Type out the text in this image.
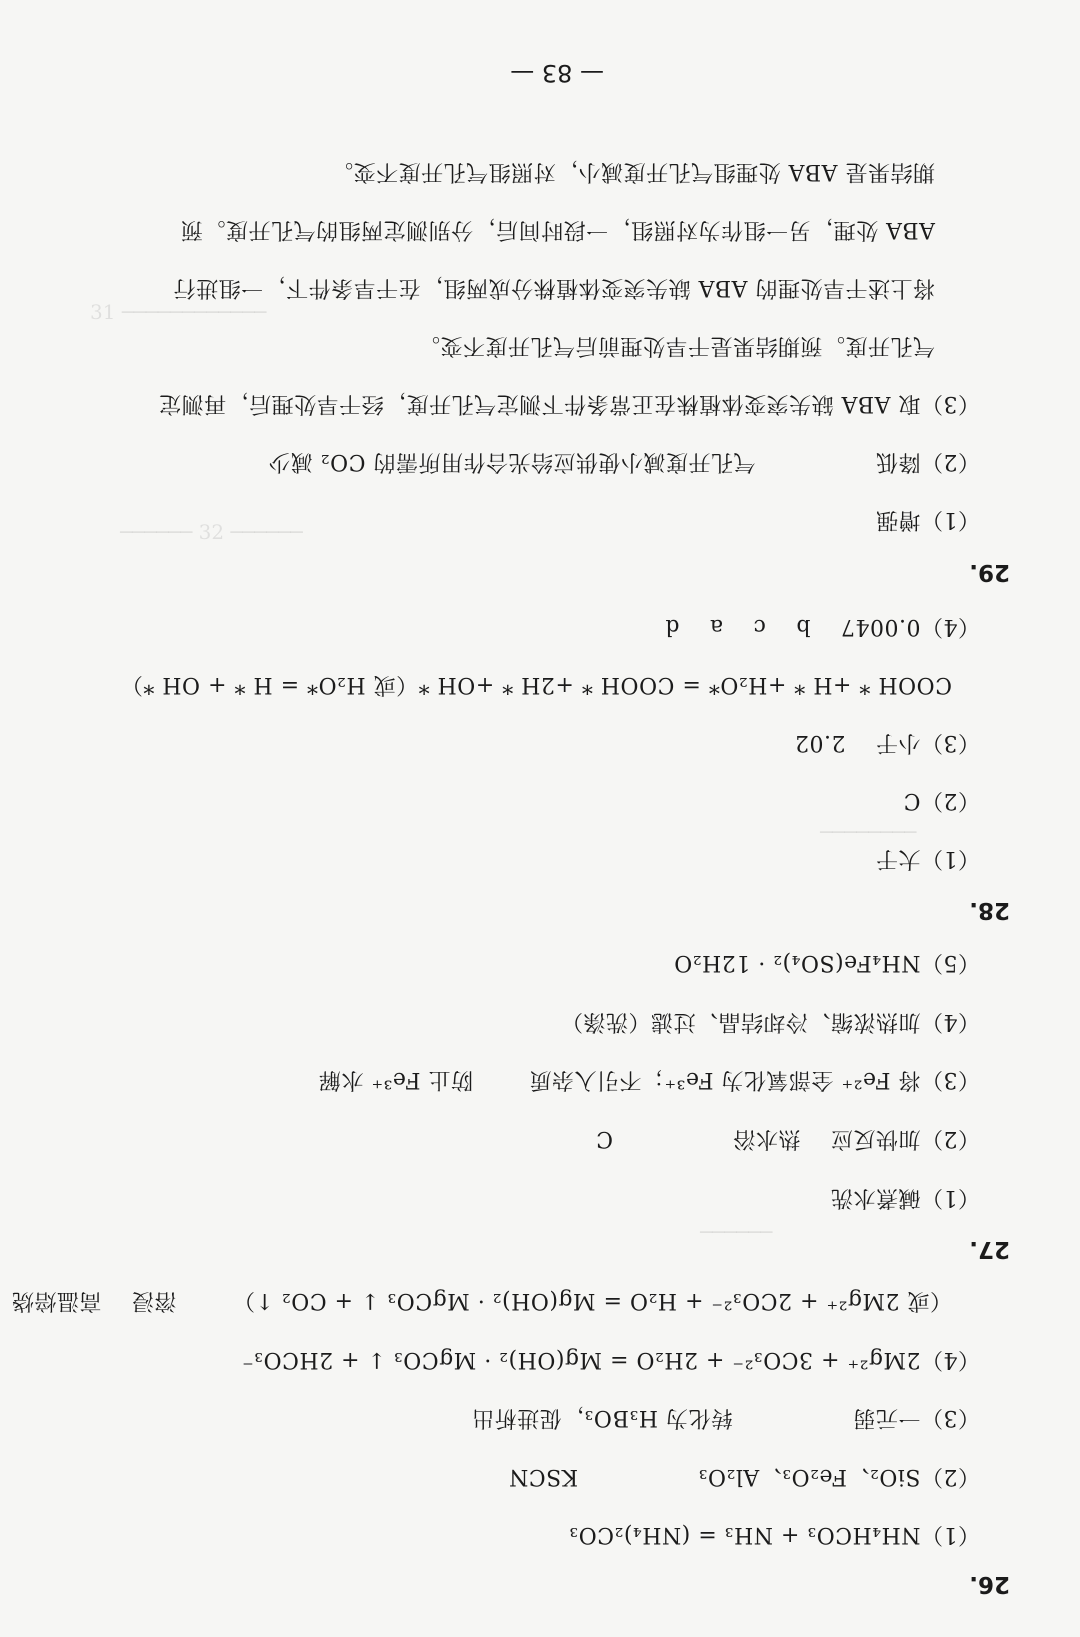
31 ────────────
────── 32 ──────
────────
──────
— 83 —
26.
（1）NH₄HCO₃ + NH₃ = (NH₄)₂CO₃
（2）SiO₂、Fe₂O₃、Al₂O₃KSCN
（3）一元弱转化为 H₃BO₃，促进析出
（4）2Mg²⁺ + 3CO₃²⁻ + 2H₂O = Mg(OH)₂ · MgCO₃ ↓ + 2HCO₃⁻
（或 2Mg²⁺ + 2CO₃²⁻ + H₂O = Mg(OH)₂ · MgCO₃ ↓ + CO₂ ↑）溶浸高温焙烧
27.
（1）碱煮水洗
（2）加快反应热水浴C
（3）将 Fe²⁺ 全部氧化为 Fe³⁺；不引入杂质防止 Fe³⁺ 水解
（4）加热浓缩、冷却结晶、过滤（洗涤）
（5）NH₄Fe(SO₄)₂ · 12H₂O
28.
（1）大于
（2）C
（3）小于2.02
COOH * +H * +H₂O* = COOH * +2H * +OH *（或 H₂O* = H * + OH *）
（4）0.0047bcad
29.
（1）增强
（2）降低气孔开度减小使供应给光合作用所需的 CO₂ 减少
（3）取 ABA 缺失突变体植株在正常条件下测定气孔开度，经干旱处理后，再测定
气孔开度。预期结果是干旱处理前后气孔开度不变。
将上述干旱处理的 ABA 缺失突变体植株分成两组，在干旱条件下，一组进行
ABA 处理，另一组作为对照组，一段时间后，分别测定两组的气孔开度。预
期结果是 ABA 处理组气孔开度减小，对照组气孔开度不变。
